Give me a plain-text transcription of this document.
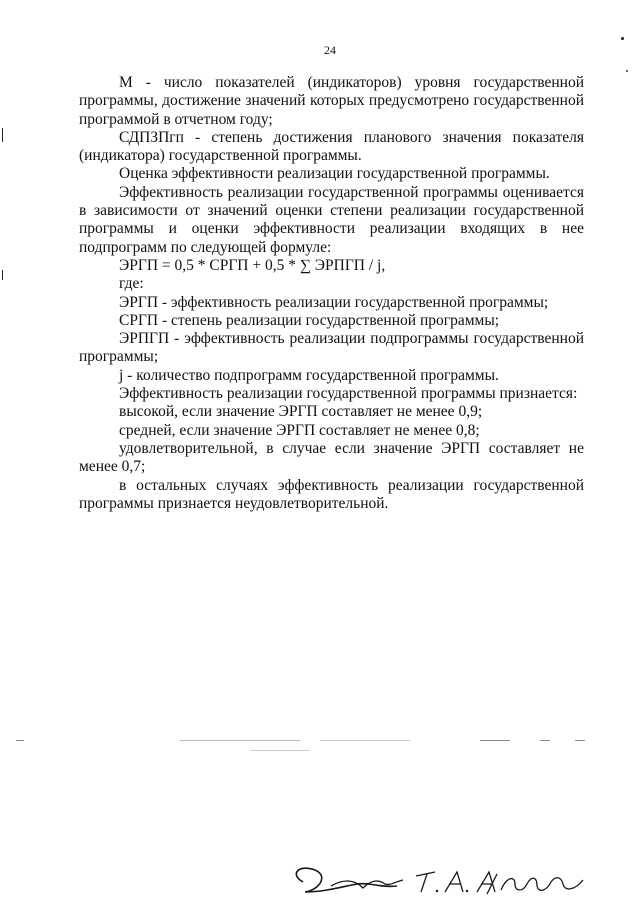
24

М - число показателей (индикаторов) уровня государственной программы, достижение значений которых предусмотрено государственной программой в отчетном году;

СДПЗПгп - степень достижения планового значения показателя (индикатора) государственной программы.

Оценка эффективности реализации государственной программы.

Эффективность реализации государственной программы оценивается в зависимости от значений оценки степени реализации государственной программы и оценки эффективности реализации входящих в нее подпрограмм по следующей формуле:

ЭРГП = 0,5 * СРГП + 0,5 * ∑ ЭРПГП / j,

где:

ЭРГП - эффективность реализации государственной программы;

СРГП - степень реализации государственной программы;

ЭРПГП - эффективность реализации подпрограммы государственной программы;

j - количество подпрограмм государственной программы.

Эффективность реализации государственной программы признается:

высокой, если значение ЭРГП составляет не менее 0,9;

средней, если значение ЭРГП составляет не менее 0,8;

удовлетворительной, в случае если значение ЭРГП составляет не менее 0,7;

в остальных случаях эффективность реализации государственной программы признается неудовлетворительной.
